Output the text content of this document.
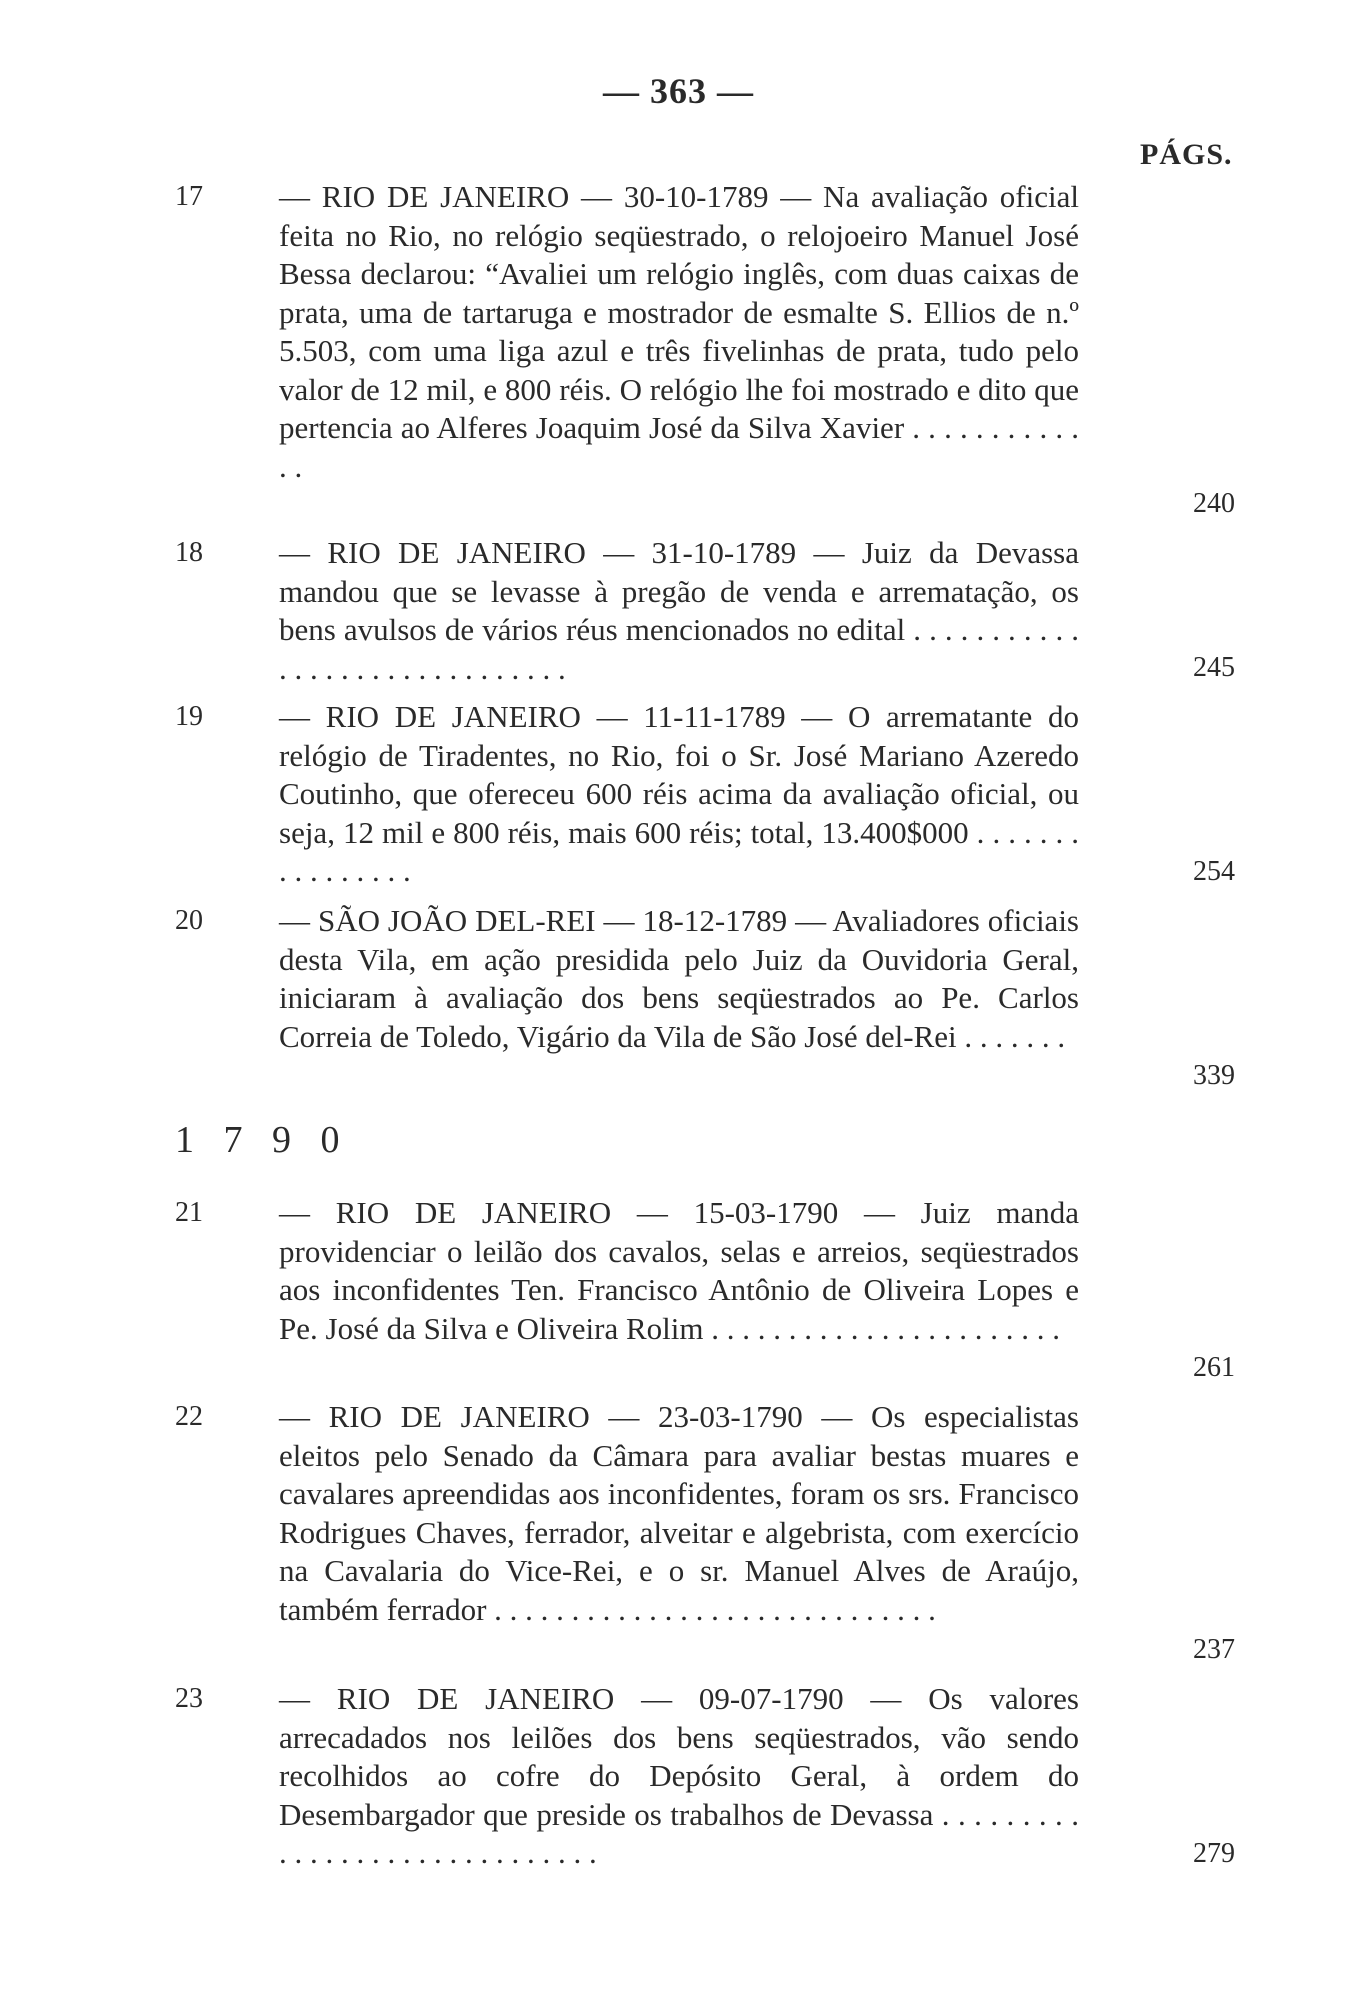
— 363 —
PÁGS.
17	— RIO DE JANEIRO — 30-10-1789 — Na avaliação oficial feita no Rio, no relógio seqüestrado, o relojoeiro Manuel José Bessa declarou: “Avaliei um relógio inglês, com duas caixas de prata, uma de tartaruga e mostrador de esmalte S. Ellios de n.º 5.503, com uma liga azul e três fivelinhas de prata, tudo pelo valor de 12 mil, e 800 réis. O relógio lhe foi mostrado e dito que pertencia ao Alferes Joaquim José da Silva Xavier . . . . . . . . . . . . .
240
18	— RIO DE JANEIRO — 31-10-1789 — Juiz da Devassa mandou que se levasse à pregão de venda e arrematação, os bens avulsos de vários réus mencionados no edital . . . . . . . . . . . . . . . . . . . . . . . . . . . . . .	245
19	— RIO DE JANEIRO — 11-11-1789 — O arrematante do relógio de Tiradentes, no Rio, foi o Sr. José Mariano Azeredo Coutinho, que ofereceu 600 réis acima da avaliação oficial, ou seja, 12 mil e 800 réis, mais 600 réis; total, 13.400$000 . . . . . . . . . . . . . . . .	254
20	— SÃO JOÃO DEL-REI — 18-12-1789 — Avaliadores oficiais desta Vila, em ação presidida pelo Juiz da Ouvidoria Geral, iniciaram à avaliação dos bens seqüestrados ao Pe. Carlos Correia de Toledo, Vigário da Vila de São José del-Rei . . . . . . .
339
1 7 9 0
21	— RIO DE JANEIRO — 15-03-1790 — Juiz manda providenciar o leilão dos cavalos, selas e arreios, seqüestrados aos inconfidentes Ten. Francisco Antônio de Oliveira Lopes e Pe. José da Silva e Oliveira Rolim . . . . . . . . . . . . . . . . . . . . . . .
261
22	— RIO DE JANEIRO — 23-03-1790 — Os especialistas eleitos pelo Senado da Câmara para avaliar bestas muares e cavalares apreendidas aos inconfidentes, foram os srs. Francisco Rodrigues Chaves, ferrador, alveitar e algebrista, com exercício na Cavalaria do Vice-Rei, e o sr. Manuel Alves de Araújo, também ferrador . . . . . . . . . . . . . . . . . . . . . . . . . . . . .
237
23	— RIO DE JANEIRO — 09-07-1790 — Os valores arrecadados nos leilões dos bens seqüestrados, vão sendo recolhidos ao cofre do Depósito Geral, à ordem do Desembargador que preside os trabalhos de Devassa . . . . . . . . . . . . . . . . . . . . . . . . . . . . . .	279
